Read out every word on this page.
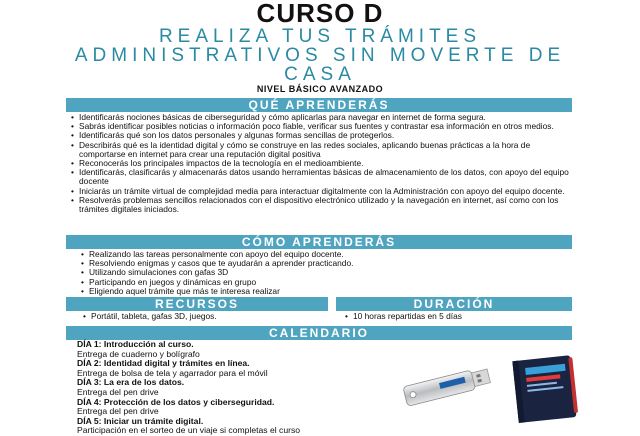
CURSO D
REALIZA TUS TRÁMITES ADMINISTRATIVOS SIN MOVERTE DE CASA
NIVEL BÁSICO AVANZADO
QUÉ APRENDERÁS
• Identificarás nociones básicas de ciberseguridad y cómo aplicarlas para navegar en internet de forma segura.
• Sabrás identificar posibles noticias o información poco fiable, verificar sus fuentes y contrastar esa información en otros medios.
• Identificarás qué son los datos personales y algunas formas sencillas de protegerlos.
• Describirás qué es la identidad digital y cómo se construye en las redes sociales, aplicando buenas prácticas a la hora de comportarse en internet para crear una reputación digital positiva
• Reconocerás los principales impactos de la tecnología en el medioambiente.
• Identificarás, clasificarás y almacenarás datos usando herramientas básicas de almacenamiento de los datos, con apoyo del equipo docente
• Iniciarás un trámite virtual de complejidad media para interactuar digitalmente con la Administración con apoyo del equipo docente.
• Resolverás problemas sencillos relacionados con el dispositivo electrónico utilizado y la navegación en internet, así como con los trámites digitales iniciados.
CÓMO APRENDERÁS
• Realizando las tareas personalmente con apoyo del equipo docente.
• Resolviendo enigmas y casos que te ayudarán a aprender practicando.
• Utilizando simulaciones con gafas 3D
• Participando en juegos y dinámicas en grupo
• Eligiendo aquel trámite que más te interesa realizar
RECURSOS	DURACIÓN
• Portátil, tableta, gafas 3D, juegos.
•	10 horas repartidas en 5 días
CALENDARIO
DÍA 1: Introducción al curso.
Entrega de cuaderno y bolígrafo
DÍA 2: Identidad digital y trámites en línea.
Entrega de bolsa de tela y agarrador para el móvil
DÍA 3: La era de los datos.
Entrega del pen drive
DÍA 4: Protección de los datos y ciberseguridad.
Entrega del pen drive
DÍA 5: Iniciar un trámite digital.
Participación en el sorteo de un viaje si completas el curso
